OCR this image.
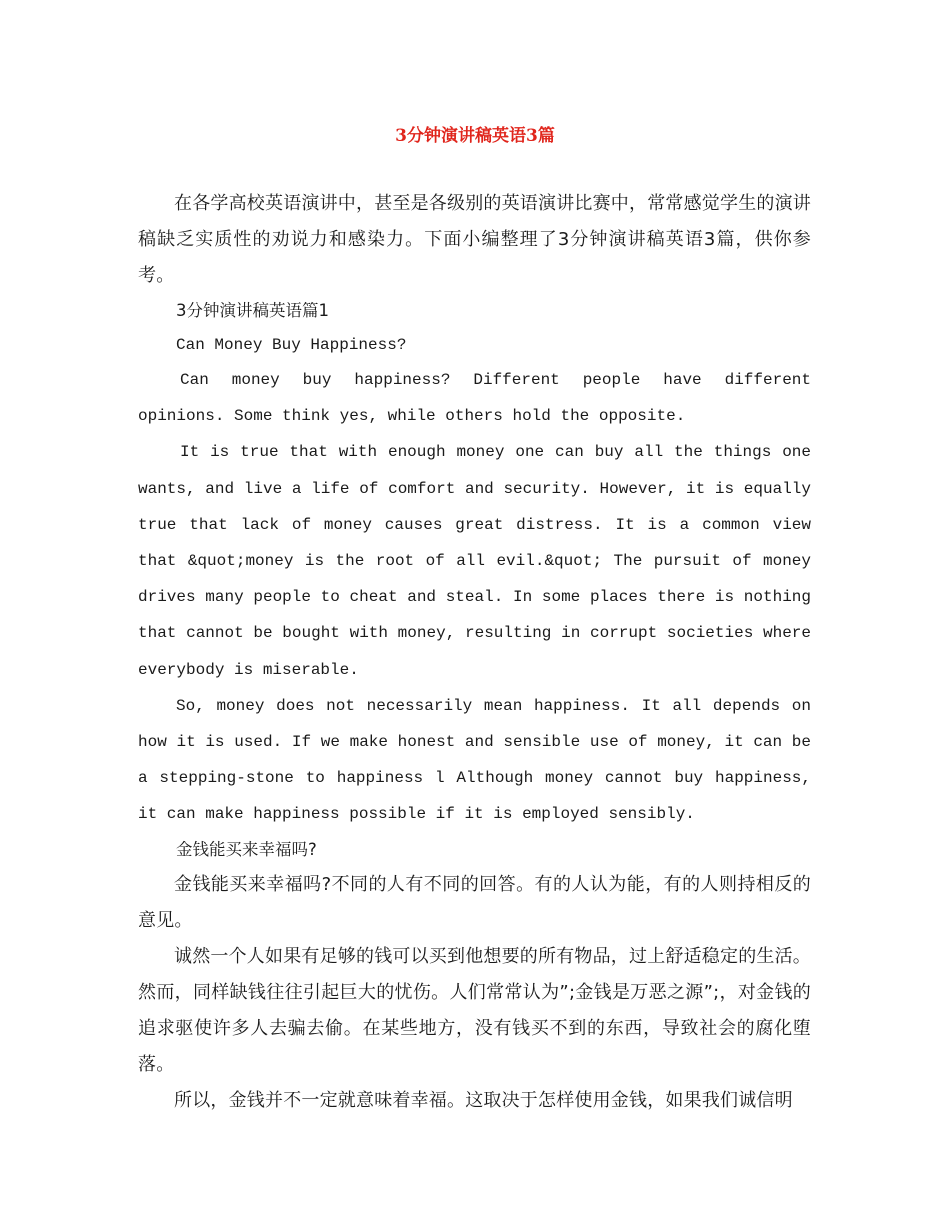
3分钟演讲稿英语3篇

在各学高校英语演讲中，甚至是各级别的英语演讲比赛中，常常感觉学生的演讲稿缺乏实质性的劝说力和感染力。下面小编整理了3分钟演讲稿英语3篇，供你参考。

3分钟演讲稿英语篇1

Can Money Buy Happiness?

Can money buy happiness? Different people have different opinions. Some think yes, while others hold the opposite.

It is true that with enough money one can buy all the things one wants, and live a life of comfort and security. However, it is equally true that lack of money causes great distress. It is a common view that &quot;money is the root of all evil.&quot; The pursuit of money drives many people to cheat and steal. In some places there is nothing that cannot be bought with money, resulting in corrupt societies where everybody is miserable.

So, money does not necessarily mean happiness. It all depends on how it is used. If we make honest and sensible use of money, it can be a stepping-stone to happiness l Although money cannot buy happiness, it can make happiness possible if it is employed sensibly.

金钱能买来幸福吗?

金钱能买来幸福吗?不同的人有不同的回答。有的人认为能，有的人则持相反的意见。

诚然一个人如果有足够的钱可以买到他想要的所有物品，过上舒适稳定的生活。然而，同样缺钱往往引起巨大的忧伤。人们常常认为”;金钱是万恶之源”;，对金钱的追求驱使许多人去骗去偷。在某些地方，没有钱买不到的东西，导致社会的腐化堕落。

所以，金钱并不一定就意味着幸福。这取决于怎样使用金钱，如果我们诚信明
